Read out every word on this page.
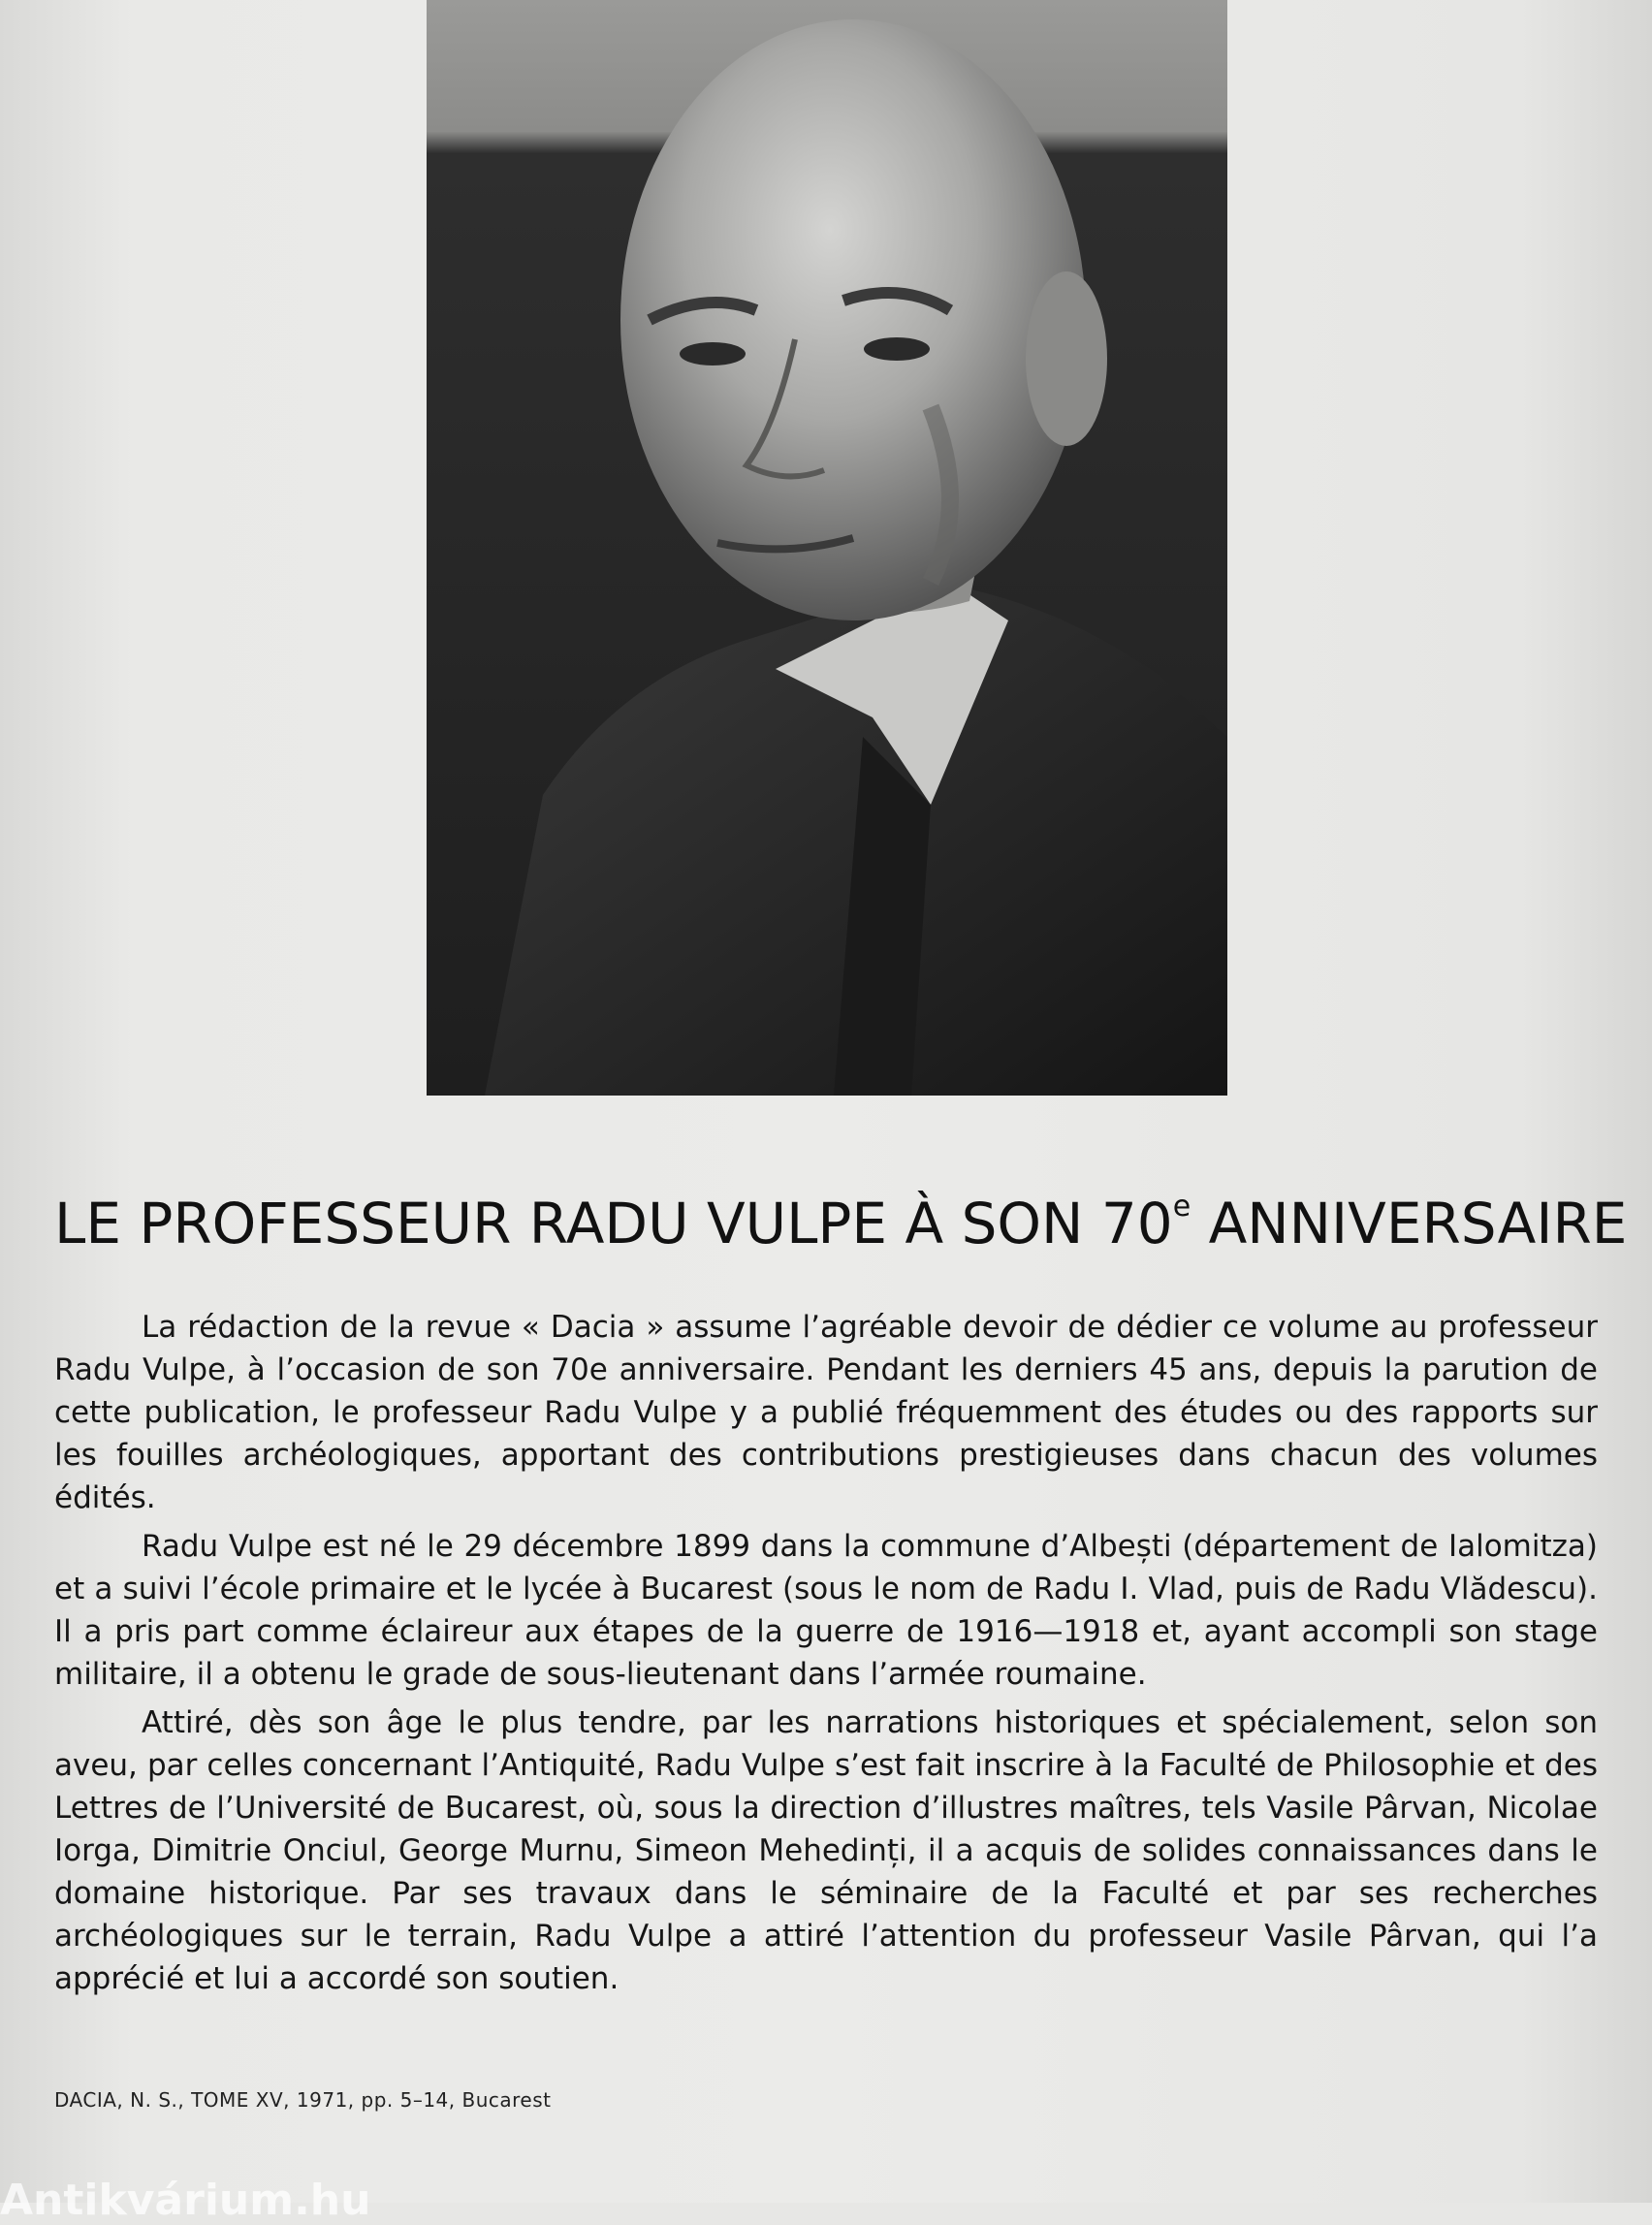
LE PROFESSEUR RADU VULPE À SON 70e ANNIVERSAIRE

La rédaction de la revue « Dacia » assume l’agréable devoir de dédier ce volume au professeur Radu Vulpe, à l’occasion de son 70e anniversaire. Pendant les derniers 45 ans, depuis la parution de cette publication, le professeur Radu Vulpe y a publié fréquemment des études ou des rapports sur les fouilles archéologiques, apportant des contributions prestigieuses dans chacun des volumes édités.

Radu Vulpe est né le 29 décembre 1899 dans la commune d’Albești (département de Ialomitza) et a suivi l’école primaire et le lycée à Bucarest (sous le nom de Radu I. Vlad, puis de Radu Vlădescu). Il a pris part comme éclaireur aux étapes de la guerre de 1916—1918 et, ayant accompli son stage militaire, il a obtenu le grade de sous-lieutenant dans l’armée roumaine.

Attiré, dès son âge le plus tendre, par les narrations historiques et spécialement, selon son aveu, par celles concernant l’Antiquité, Radu Vulpe s’est fait inscrire à la Faculté de Philosophie et des Lettres de l’Université de Bucarest, où, sous la direction d’illustres maîtres, tels Vasile Pârvan, Nicolae Iorga, Dimitrie Onciul, George Murnu, Simeon Mehedinți, il a acquis de solides connaissances dans le domaine historique. Par ses travaux dans le séminaire de la Faculté et par ses recherches archéologiques sur le terrain, Radu Vulpe a attiré l’attention du professeur Vasile Pârvan, qui l’a apprécié et lui a accordé son soutien.

DACIA, N. S., TOME XV, 1971, pp. 5–14, Bucarest
Antikvárium.hu
